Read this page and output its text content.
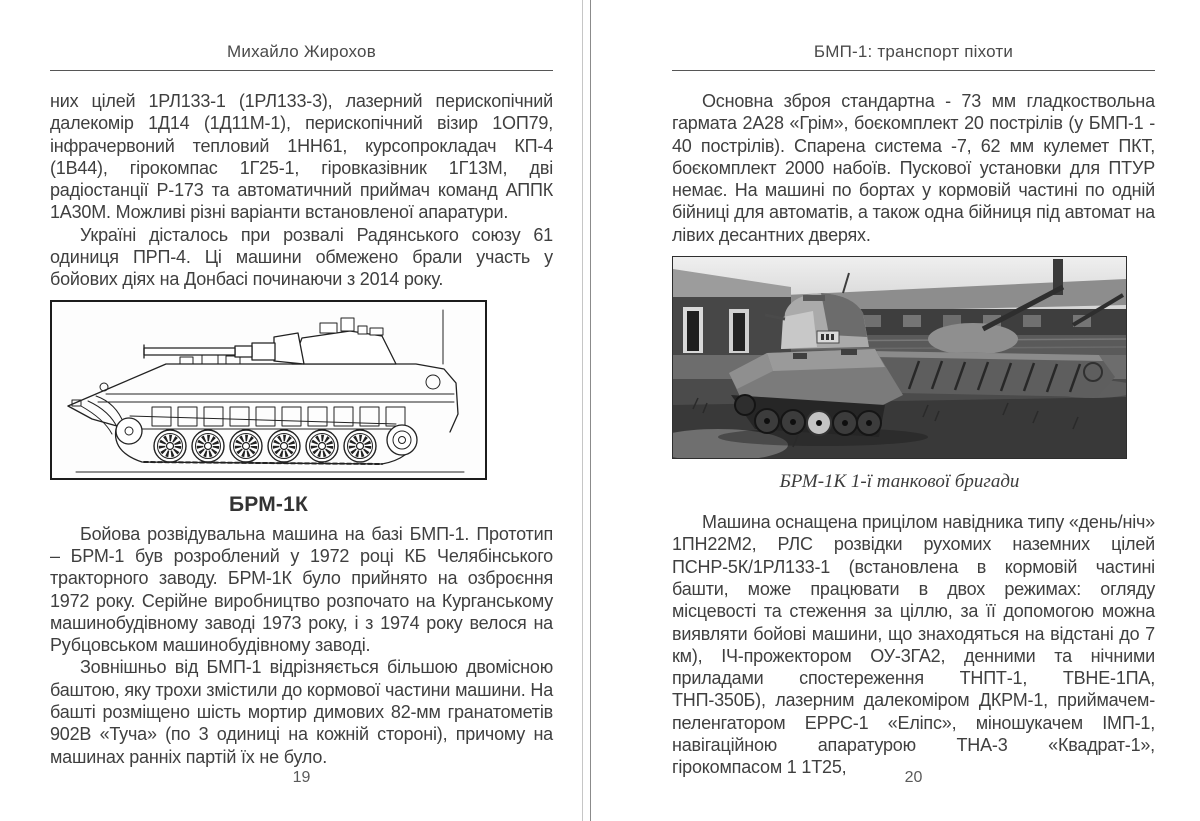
Михайло Жирохов

них цілей 1РЛ133-1 (1РЛ133-3), лазерний перископічний далекомір 1Д14 (1Д11М-1), перископічний візир 1ОП79, інфрачервоний тепловий 1НН61, курсопрокладач КП-4 (1В44), гірокомпас 1Г25-1, гіровказівник 1Г13М, дві радіостанції Р-173 та автоматичний приймач команд АППК 1А30М. Можливі різні варіанти встановленої апаратури.

Україні дісталось при розвалі Радянського союзу 61 одиниця ПРП-4. Ці машини обмежено брали участь у бойових діях на Донбасі починаючи з 2014 року.

БРМ-1К

Бойова розвідувальна машина на базі БМП-1. Прототип – БРМ-1 був розроблений у 1972 році КБ Челябінського тракторного заводу. БРМ-1К було прийнято на озброєння 1972 року. Серійне виробництво розпочато на Курганському машинобудівному заводі 1973 року, і з 1974 року велося на Рубцовськом машинобудівному заводі.

Зовнішньо від БМП-1 відрізняється більшою двомісною баштою, яку трохи змістили до кормової частини машини. На башті розміщено шість мортир димових 82-мм гранатометів 902В «Туча» (по 3 одиниці на кожній стороні), причому на машинах ранніх партій їх не було.

19
БМП-1: транспорт піхоти

Основна зброя стандартна - 73 мм гладкоствольна гармата 2А28 «Грім», боєкомплект 20 пострілів (у БМП-1 - 40 пострілів). Спарена система -7, 62 мм кулемет ПКТ, боєкомплект 2000 набоїв. Пускової установки для ПТУР немає. На машині по бортах у кормовій частині по одній бійниці для автоматів, а також одна бійниця під автомат на лівих десантних дверях.

БРМ-1К 1-ї танкової бригади

Машина оснащена прицілом навідника типу «день/ніч» 1ПН22М2, РЛС розвідки рухомих наземних цілей ПСНР-5К/1РЛ133-1 (встановлена в кормовій частині башти, може працювати в двох режимах: огляду місцевості та стеження за ціллю, за її допомогою можна виявляти бойові машини, що знаходяться на відстані до 7 км), ІЧ-прожектором ОУ-3ГА2, денними та нічними приладами спостереження ТНПТ-1, ТВНЕ-1ПА, ТНП-350Б), лазерним далекоміром ДКРМ-1, приймачем-пеленгатором ЕРРС-1 «Еліпс», міношукачем ІМП-1, навігаційною апаратурою ТНА-3 «Квадрат-1», гірокомпасом 1 1Т25,

20
